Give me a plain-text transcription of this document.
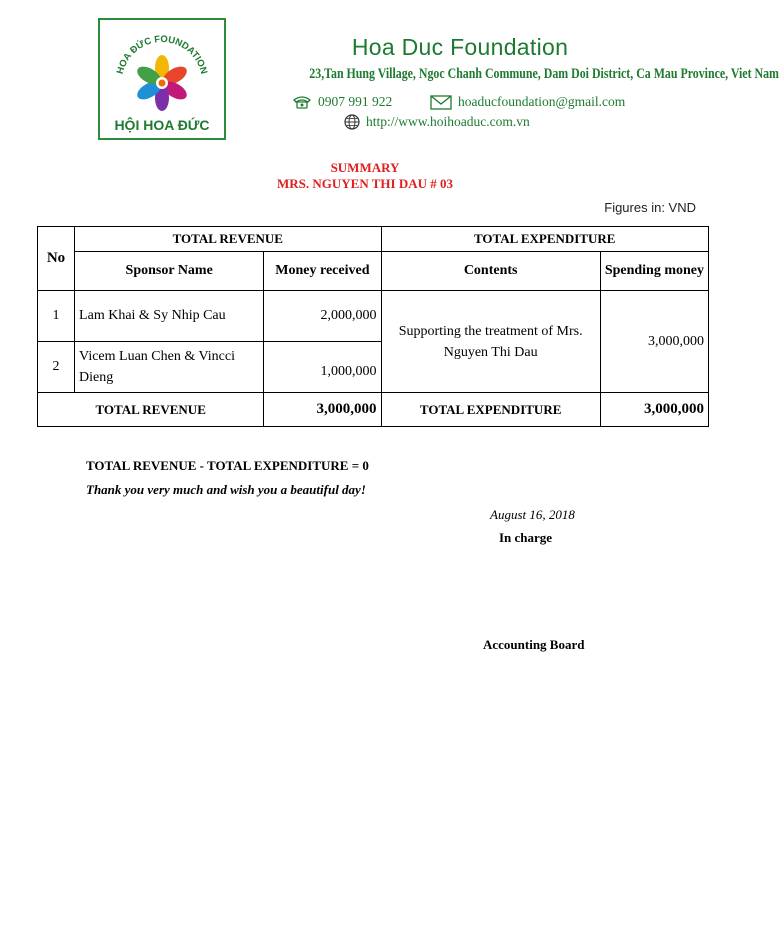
HOA ĐỨC FOUNDATION
HỘI HOA ĐỨC
Hoa Duc Foundation
23,Tan Hung Village, Ngoc Chanh Commune, Dam Doi District, Ca Mau Province, Viet Nam
0907 991 922	hoaducfoundation@gmail.com
http://www.hoihoaduc.com.vn
SUMMARY
MRS. NGUYEN THI DAU # 03
Figures in: VND
No	TOTAL REVENUE		TOTAL EXPENDITURE	
	Sponsor Name	Money received	Contents	Spending money
1	Lam Khai & Sy Nhip Cau	2,000,000	Supporting the treatment of Mrs. Nguyen Thi Dau	3,000,000
2	Vicem Luan Chen & Vincci Dieng	1,000,000		
TOTAL REVENUE		3,000,000	TOTAL EXPENDITURE	3,000,000
TOTAL REVENUE - TOTAL EXPENDITURE = 0
Thank you very much and wish you a beautiful day!
August 16, 2018
In charge
Accounting Board
